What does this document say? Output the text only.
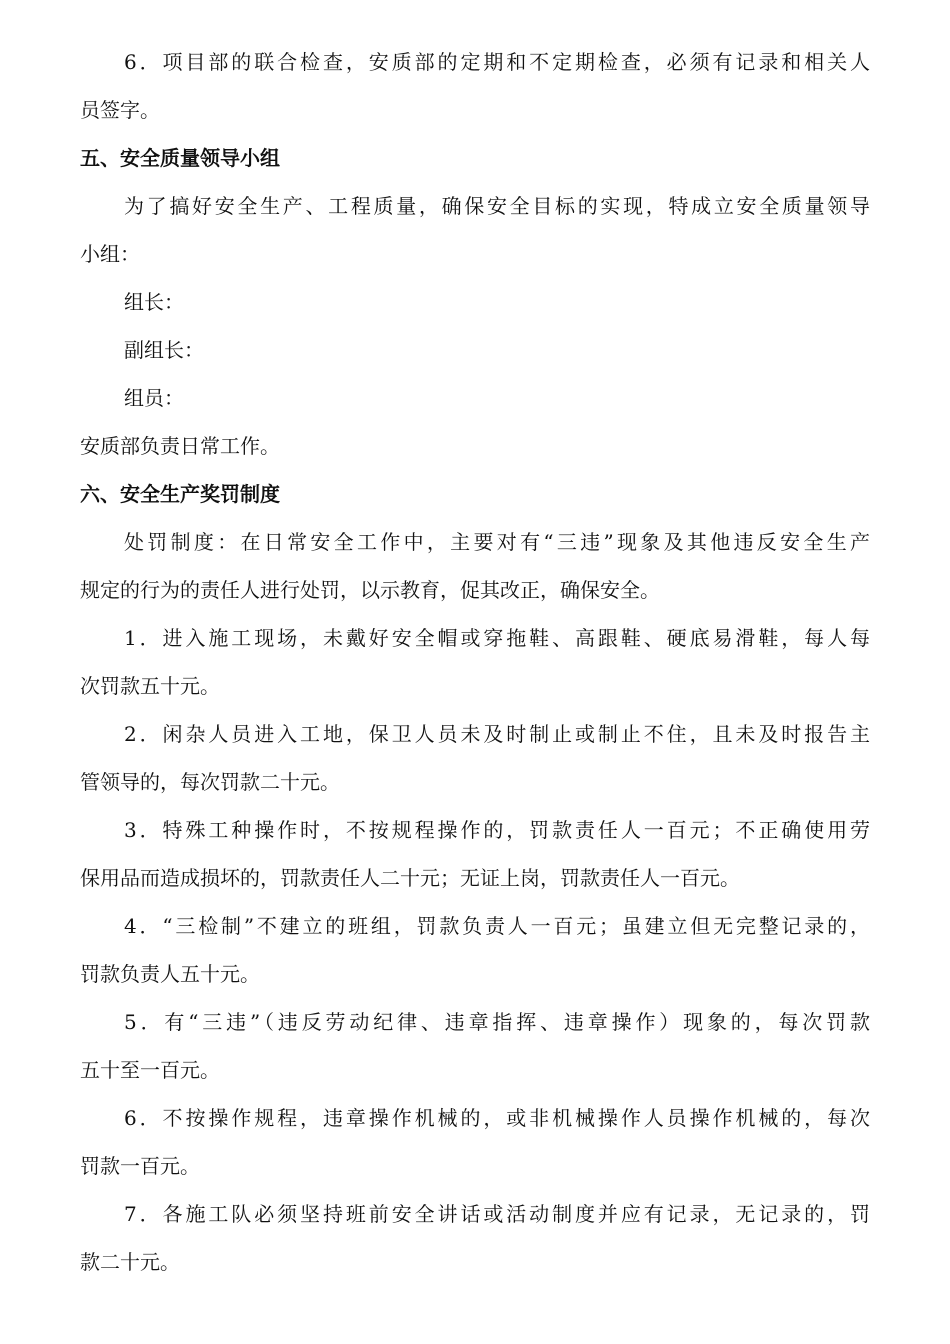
6．项目部的联合检查，安质部的定期和不定期检查，必须有记录和相关人
员签字。
五、安全质量领导小组
为了搞好安全生产、工程质量，确保安全目标的实现，特成立安全质量领导
小组：
组长：
副组长：
组员：
安质部负责日常工作。
六、安全生产奖罚制度
处罚制度：在日常安全工作中，主要对有“三违”现象及其他违反安全生产
规定的行为的责任人进行处罚，以示教育，促其改正，确保安全。
1．进入施工现场，未戴好安全帽或穿拖鞋、高跟鞋、硬底易滑鞋，每人每
次罚款五十元。
2．闲杂人员进入工地，保卫人员未及时制止或制止不住，且未及时报告主
管领导的，每次罚款二十元。
3．特殊工种操作时，不按规程操作的，罚款责任人一百元；不正确使用劳
保用品而造成损坏的，罚款责任人二十元；无证上岗，罚款责任人一百元。
4．“三检制”不建立的班组，罚款负责人一百元；虽建立但无完整记录的，
罚款负责人五十元。
5．有“三违”（违反劳动纪律、违章指挥、违章操作）现象的，每次罚款
五十至一百元。
6．不按操作规程，违章操作机械的，或非机械操作人员操作机械的，每次
罚款一百元。
7．各施工队必须坚持班前安全讲话或活动制度并应有记录，无记录的，罚
款二十元。
